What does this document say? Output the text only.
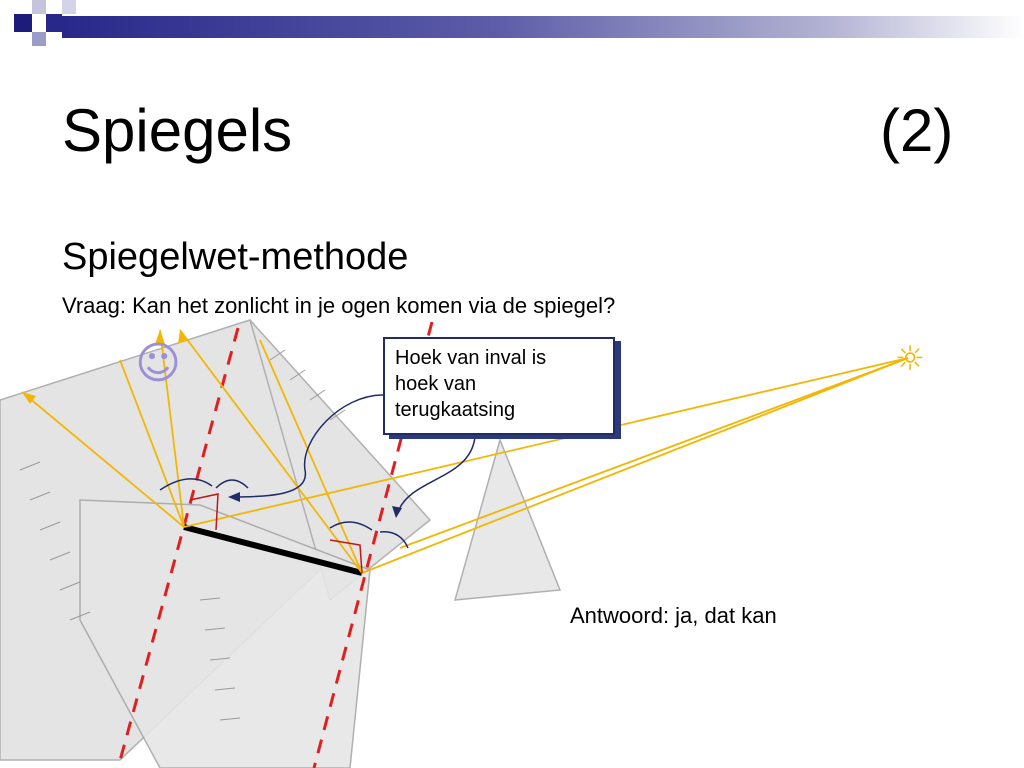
Spiegels	(2)
Spiegelwet-methode
Vraag: Kan het zonlicht in je ogen komen via de spiegel?
☺	☼
Hoek van inval is
hoek van
terugkaatsing
Antwoord: ja, dat kan
